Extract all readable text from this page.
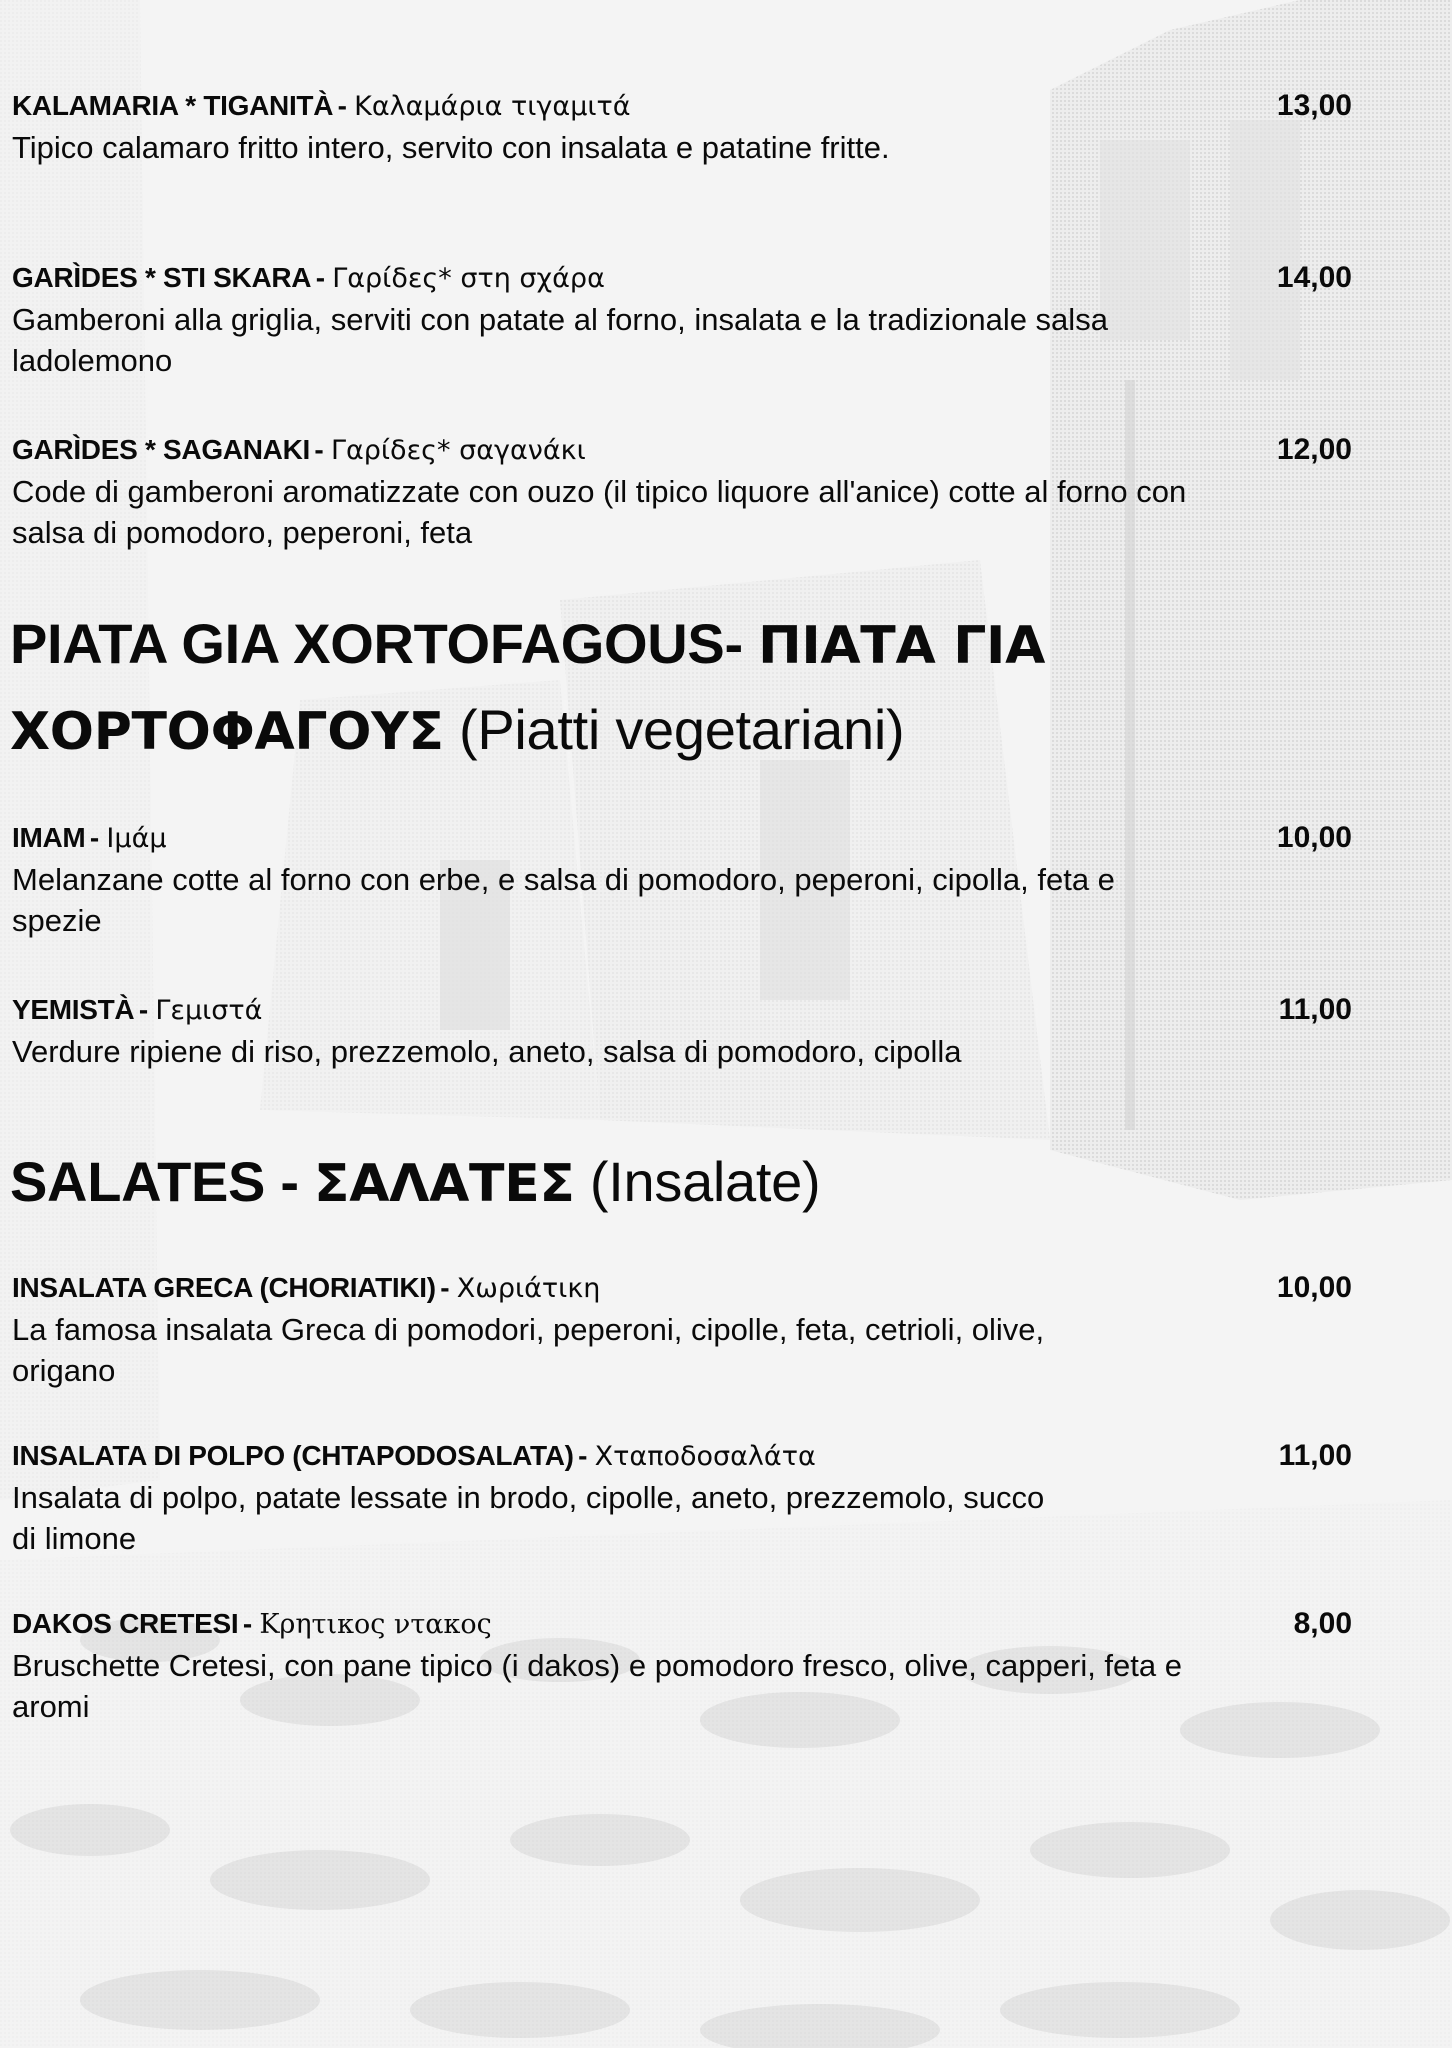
KALAMARIA * TIGANITÀ - Καλαμάρια τιγαμιτά	13,00
Tipico calamaro fritto intero, servito con insalata e patatine fritte.
GARÌDES * STI SKARA - Γαρίδες* στη σχάρα	14,00
Gamberoni alla griglia, serviti con patate al forno, insalata e la tradizionale salsa ladolemono
GARÌDES * SAGANAKI - Γαρίδες* σαγανάκι	12,00
Code di gamberoni aromatizzate con ouzo (il tipico liquore all'anice) cotte al forno con salsa di pomodoro, peperoni, feta
PIATA GIA XORTOFAGOUS- ΠΙΑΤΑ ΓΙΑ ΧΟΡΤΟΦΑΓΟΥΣ (Piatti vegetariani)
IMAM - Ιμάμ	10,00
Melanzane cotte al forno con erbe, e salsa di pomodoro, peperoni, cipolla, feta e spezie
YEMISTÀ - Γεμιστά	11,00
Verdure ripiene di riso, prezzemolo, aneto, salsa di pomodoro, cipolla
SALATES - ΣΑΛΑΤΕΣ (Insalate)
INSALATA GRECA (CHORIATIKI) - Χωριάτικη	10,00
La famosa insalata Greca di pomodori, peperoni, cipolle, feta, cetrioli, olive, origano
INSALATA DI POLPO (CHTAPODOSALATA) - Χταποδοσαλάτα	11,00
Insalata di polpo, patate lessate in brodo, cipolle, aneto, prezzemolo, succo di limone
DAKOS CRETESI - Κρητικος ντακος	8,00
Bruschette Cretesi, con pane tipico (i dakos) e pomodoro fresco, olive, capperi, feta e aromi
